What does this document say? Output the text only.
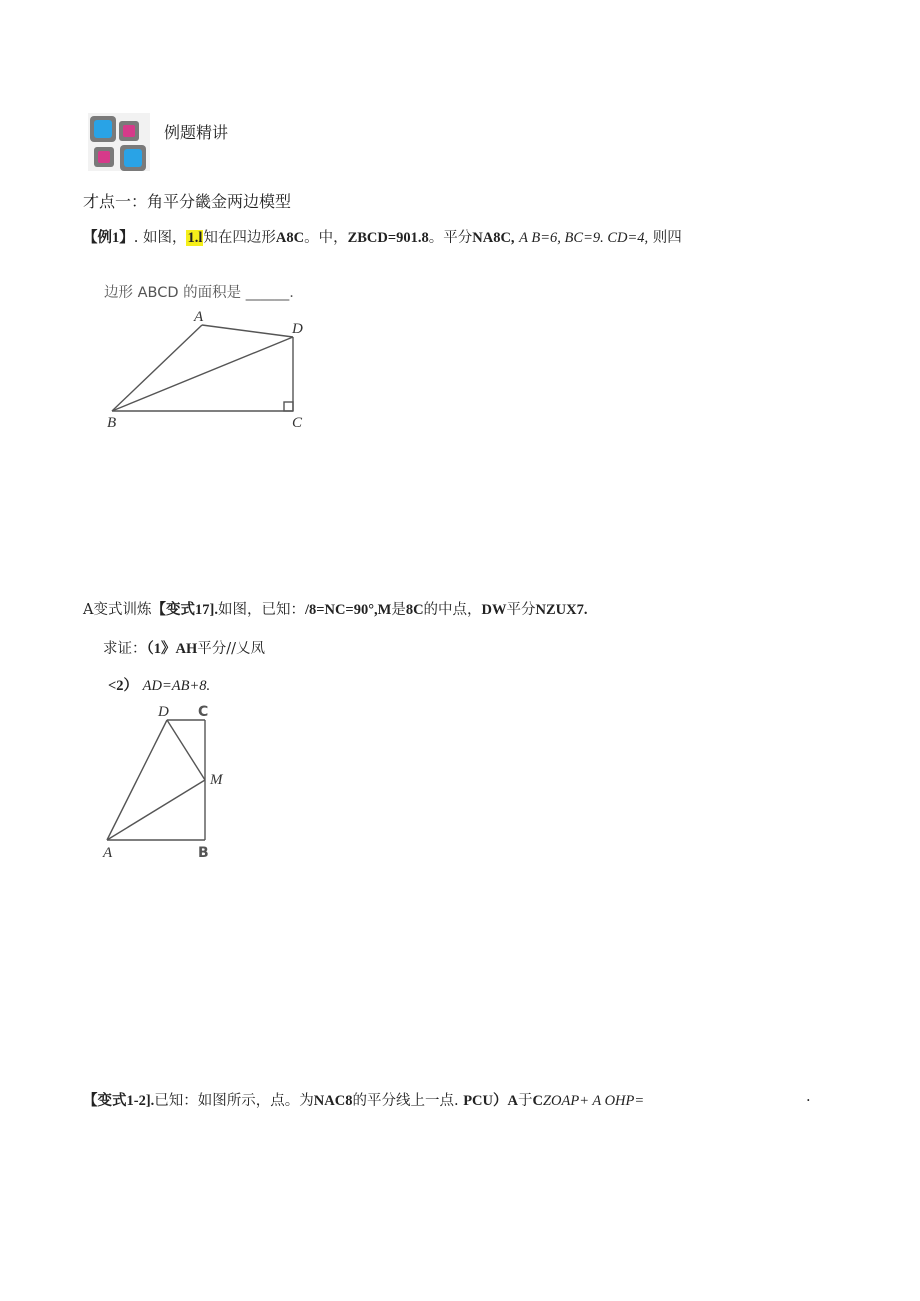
例题精讲
才点一：角平分畿金两边模型
【例1】. 如图，1.l知在四边形A8C。中，ZBCD=901.8。平分NA8C, A B=6, BC=9. CD=4, 则四
边形 ABCD 的面积是 ______.
A
D
B	C
A变式训炼【变式17].如图，已知：/8=NC=90°,M是8C的中点，DW平分NZUX7.
求证：（1》AH平分//乂凤
<2） AD=AB+8.
D C
M
A	B
【变式1-2].已知：如图所示，点。为NAC8的平分线上一点. PCU）A于CZOAP+ A OHP=	.
